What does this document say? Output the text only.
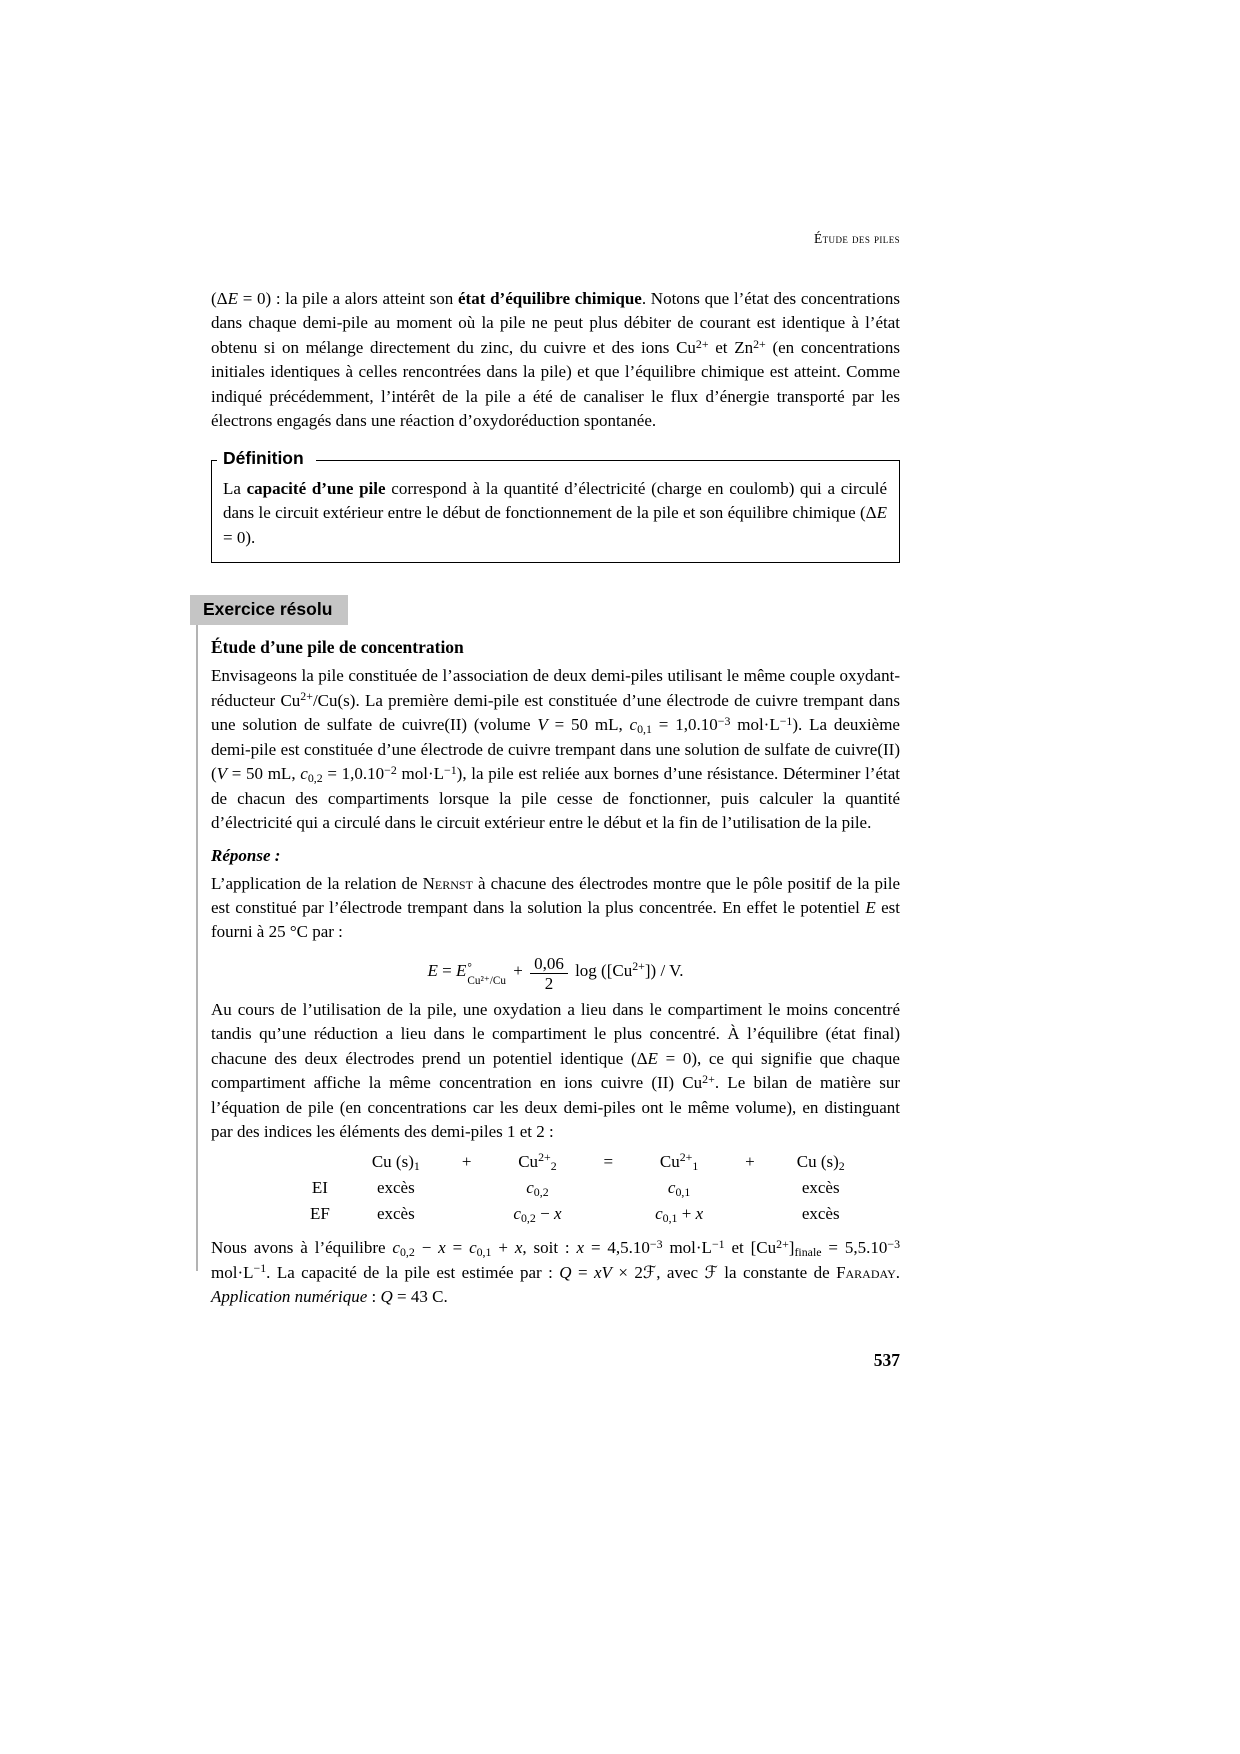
Étude des piles

(ΔE = 0) : la pile a alors atteint son état d’équilibre chimique. Notons que l’état des concentrations dans chaque demi-pile au moment où la pile ne peut plus débiter de courant est identique à l’état obtenu si on mélange directement du zinc, du cuivre et des ions $Cu^{2+}$ et $Zn^{2+}$ (en concentrations initiales identiques à celles rencontrées dans la pile) et que l’équilibre chimique est atteint. Comme indiqué précédemment, l’intérêt de la pile a été de canaliser le flux d’énergie transporté par les électrons engagés dans une réaction d’oxydoréduction spontanée.

Définition

La capacité d’une pile correspond à la quantité d’électricité (charge en coulomb) qui a circulé dans le circuit extérieur entre le début de fonctionnement de la pile et son équilibre chimique (ΔE = 0).

Exercice résolu

Étude d’une pile de concentration

Envisageons la pile constituée de l’association de deux demi-piles utilisant le même couple oxydant-réducteur $Cu^{2+}/Cu(s)$. La première demi-pile est constituée d’une électrode de cuivre trempant dans une solution de sulfate de cuivre(II) (volume V = 50 mL, $c0,1 = 1,0.10^{-3}$ $mol\cdot L^{-1}$). La deuxième demi-pile est constituée d’une électrode de cuivre trempant dans une solution de sulfate de cuivre(II) (V = 50 mL, $c0,2 = 1,0.10^{-2}$ $mol\cdot L^{-1}$), la pile est reliée aux bornes d’une résistance. Déterminer l’état de chacun des compartiments lorsque la pile cesse de fonctionner, puis calculer la quantité d’électricité qui a circulé dans le circuit extérieur entre le début et la fin de l’utilisation de la pile.

Réponse :

L’application de la relation de Nernst à chacune des électrodes montre que le pôle positif de la pile est constitué par l’électrode trempant dans la solution la plus concentrée. En effet le potentiel E est fourni à 25 °C par :

E = E °
Cu²⁺/Cu
+ $\frac{0,06}{2}$ $\log ([Cu^{2+}])$ / V.

Au cours de l’utilisation de la pile, une oxydation a lieu dans le compartiment le moins concentré tandis qu’une réduction a lieu dans le compartiment le plus concentré. À l’équilibre (état final) chacune des deux électrodes prend un potentiel identique (ΔE = 0), ce qui signifie que chaque compartiment affiche la même concentration en ions cuivre (II) $Cu^{2+}$. Le bilan de matière sur l’équation de pile (en concentrations car les deux demi-piles ont le même volume), en distinguant par des indices les éléments des demi-piles 1 et 2 :

	Cu (s)1	+	$Cu^{2+}2$	=	$Cu^{2+}1$	+	Cu (s)2
EI	excès		c0,2		c0,1		excès
EF	excès		c0,2 − x		c0,1 + x		excès

Nous avons à l’équilibre c0,2 − x = c0,1 + x, soit : $x = 4,5.10^{-3}$ $mol\cdot L^{-1}$ et $[Cu^{2+}]finale = 5,5.10^{-3}$ $mol\cdot L^{-1}$. La capacité de la pile est estimée par : Q = xV × 2ℱ, avec ℱ la constante de Faraday. Application numérique : Q = 43 C.

537
